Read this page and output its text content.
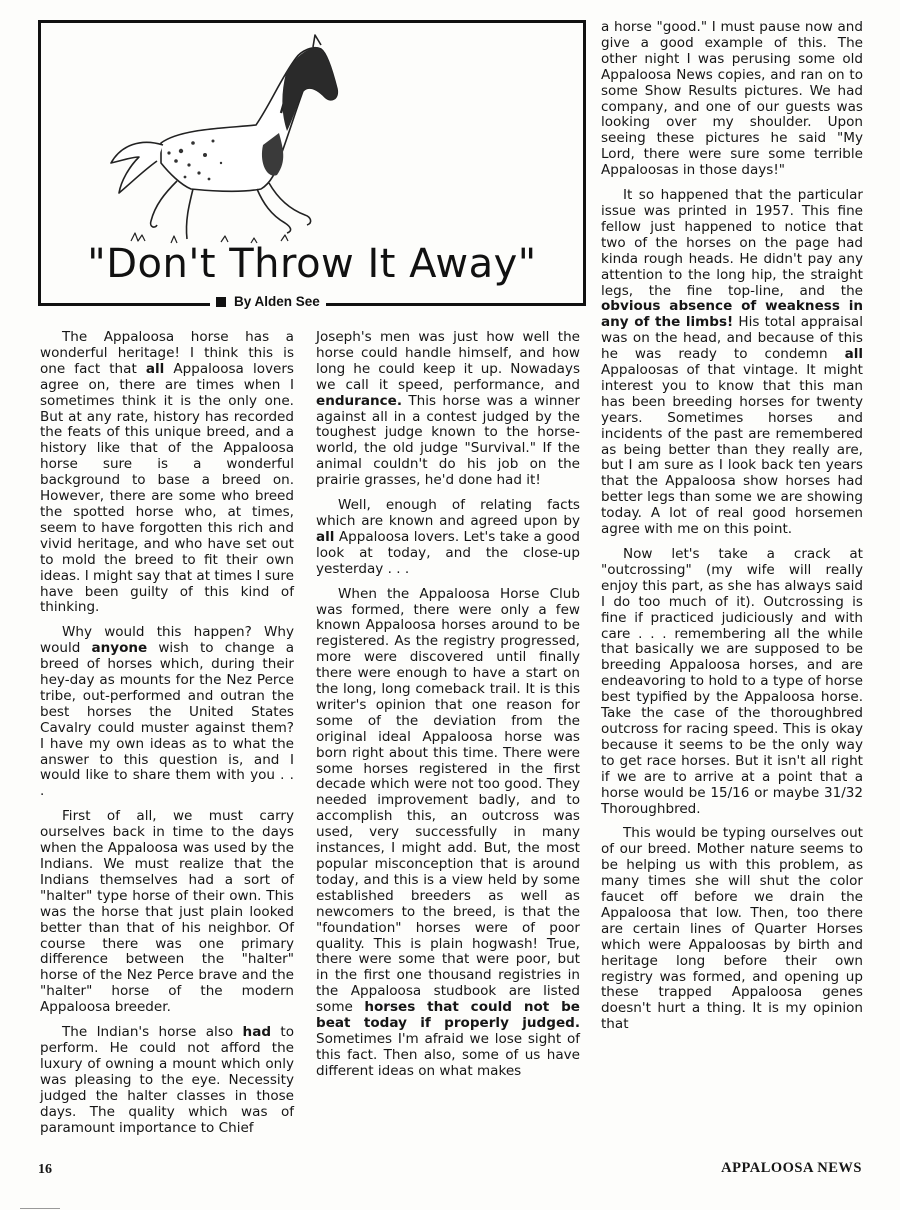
"Don't Throw It Away"
By Alden See

The Appaloosa horse has a wonderful heritage! I think this is one fact that all Appaloosa lovers agree on, there are times when I sometimes think it is the only one. But at any rate, history has recorded the feats of this unique breed, and a history like that of the Appaloosa horse sure is a wonderful background to base a breed on. However, there are some who breed the spotted horse who, at times, seem to have forgotten this rich and vivid heritage, and who have set out to mold the breed to fit their own ideas. I might say that at times I sure have been guilty of this kind of thinking.

Why would this happen? Why would anyone wish to change a breed of horses which, during their hey-day as mounts for the Nez Perce tribe, out-performed and outran the best horses the United States Cavalry could muster against them? I have my own ideas as to what the answer to this question is, and I would like to share them with you . . .

First of all, we must carry ourselves back in time to the days when the Appaloosa was used by the Indians. We must realize that the Indians themselves had a sort of "halter" type horse of their own. This was the horse that just plain looked better than that of his neighbor. Of course there was one primary difference between the "halter" horse of the Nez Perce brave and the "halter" horse of the modern Appaloosa breeder.

The Indian's horse also had to perform. He could not afford the luxury of owning a mount which only was pleasing to the eye. Necessity judged the halter classes in those days. The quality which was of paramount importance to Chief

Joseph's men was just how well the horse could handle himself, and how long he could keep it up. Nowadays we call it speed, performance, and endurance. This horse was a winner against all in a contest judged by the toughest judge known to the horse-world, the old judge "Survival." If the animal couldn't do his job on the prairie grasses, he'd done had it!

Well, enough of relating facts which are known and agreed upon by all Appaloosa lovers. Let's take a good look at today, and the close-up yesterday . . .

When the Appaloosa Horse Club was formed, there were only a few known Appaloosa horses around to be registered. As the registry progressed, more were discovered until finally there were enough to have a start on the long, long comeback trail. It is this writer's opinion that one reason for some of the deviation from the original ideal Appaloosa horse was born right about this time. There were some horses registered in the first decade which were not too good. They needed improvement badly, and to accomplish this, an outcross was used, very successfully in many instances, I might add. But, the most popular misconception that is around today, and this is a view held by some established breeders as well as newcomers to the breed, is that the "foundation" horses were of poor quality. This is plain hogwash! True, there were some that were poor, but in the first one thousand registries in the Appaloosa studbook are listed some horses that could not be beat today if properly judged. Sometimes I'm afraid we lose sight of this fact. Then also, some of us have different ideas on what makes

a horse "good." I must pause now and give a good example of this. The other night I was perusing some old Appaloosa News copies, and ran on to some Show Results pictures. We had company, and one of our guests was looking over my shoulder. Upon seeing these pictures he said "My Lord, there were sure some terrible Appaloosas in those days!"

It so happened that the particular issue was printed in 1957. This fine fellow just happened to notice that two of the horses on the page had kinda rough heads. He didn't pay any attention to the long hip, the straight legs, the fine top-line, and the obvious absence of weakness in any of the limbs! His total appraisal was on the head, and because of this he was ready to condemn all Appaloosas of that vintage. It might interest you to know that this man has been breeding horses for twenty years. Sometimes horses and incidents of the past are remembered as being better than they really are, but I am sure as I look back ten years that the Appaloosa show horses had better legs than some we are showing today. A lot of real good horsemen agree with me on this point.

Now let's take a crack at "outcrossing" (my wife will really enjoy this part, as she has always said I do too much of it). Outcrossing is fine if practiced judiciously and with care . . . remembering all the while that basically we are supposed to be breeding Appaloosa horses, and are endeavoring to hold to a type of horse best typified by the Appaloosa horse. Take the case of the thoroughbred outcross for racing speed. This is okay because it seems to be the only way to get race horses. But it isn't all right if we are to arrive at a point that a horse would be 15/16 or maybe 31/32 Thoroughbred.

This would be typing ourselves out of our breed. Mother nature seems to be helping us with this problem, as many times she will shut the color faucet off before we drain the Appaloosa that low. Then, too there are certain lines of Quarter Horses which were Appaloosas by birth and heritage long before their own registry was formed, and opening up these trapped Appaloosa genes doesn't hurt a thing. It is my opinion that

16	APPALOOSA NEWS
